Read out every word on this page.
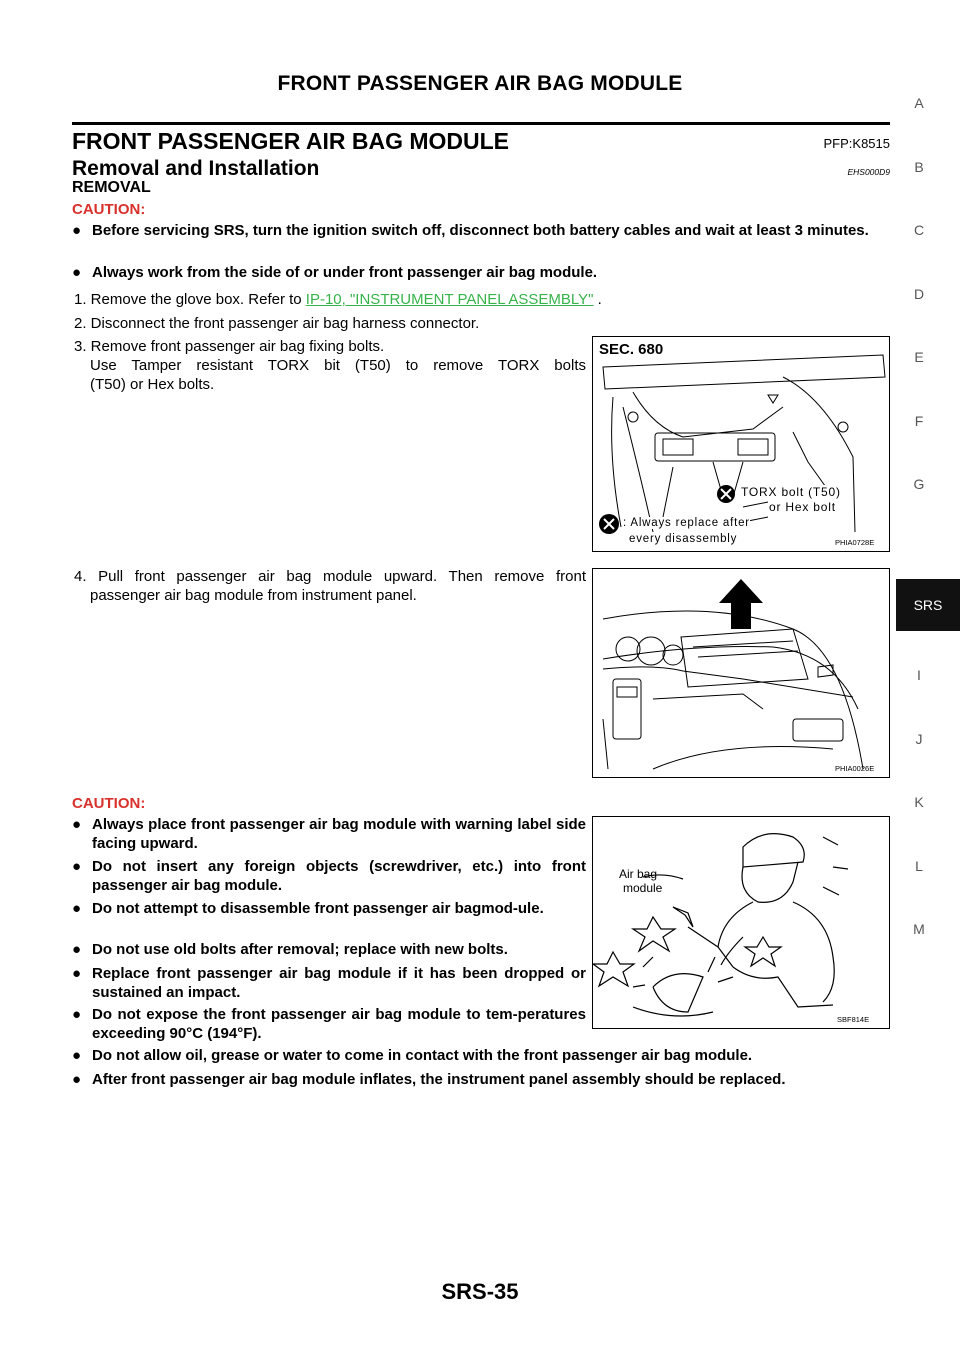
FRONT PASSENGER AIR BAG MODULE
FRONT PASSENGER AIR BAG MODULE	PFP:K8515
Removal and Installation	EHS000D9
REMOVAL
CAUTION:
● Before servicing SRS, turn the ignition switch off, disconnect both battery cables and wait at least 3 minutes.
● Always work from the side of or under front passenger air bag module.
1. Remove the glove box. Refer to IP-10, "INSTRUMENT PANEL ASSEMBLY" .
2. Disconnect the front passenger air bag harness connector.
3. Remove front passenger air bag fixing bolts.
Use Tamper resistant TORX bit (T50) to remove TORX bolts
(T50) or Hex bolts.
SEC. 680
TORX bolt (T50)
or Hex bolt
: Always replace after
every disassembly	PHIA0728E
4. Pull front passenger air bag module upward. Then remove front
passenger air bag module from instrument panel.
PHIA0026E
CAUTION:
● Always place front passenger air bag module with warning label side facing upward.
● Do not insert any foreign objects (screwdriver, etc.) into front passenger air bag module.
● Do not attempt to disassemble front passenger air bagmod-ule.
● Do not use old bolts after removal; replace with new bolts.
● Replace front passenger air bag module if it has been dropped or sustained an impact.
● Do not expose the front passenger air bag module to tem-peratures exceeding 90°C (194°F).
● Do not allow oil, grease or water to come in contact with the front passenger air bag module.
● After front passenger air bag module inflates, the instrument panel assembly should be replaced.
Air bag
module
SBF814E
A
B
C
D
E
F
G
SRS
I
J
K
L
M
SRS-35
